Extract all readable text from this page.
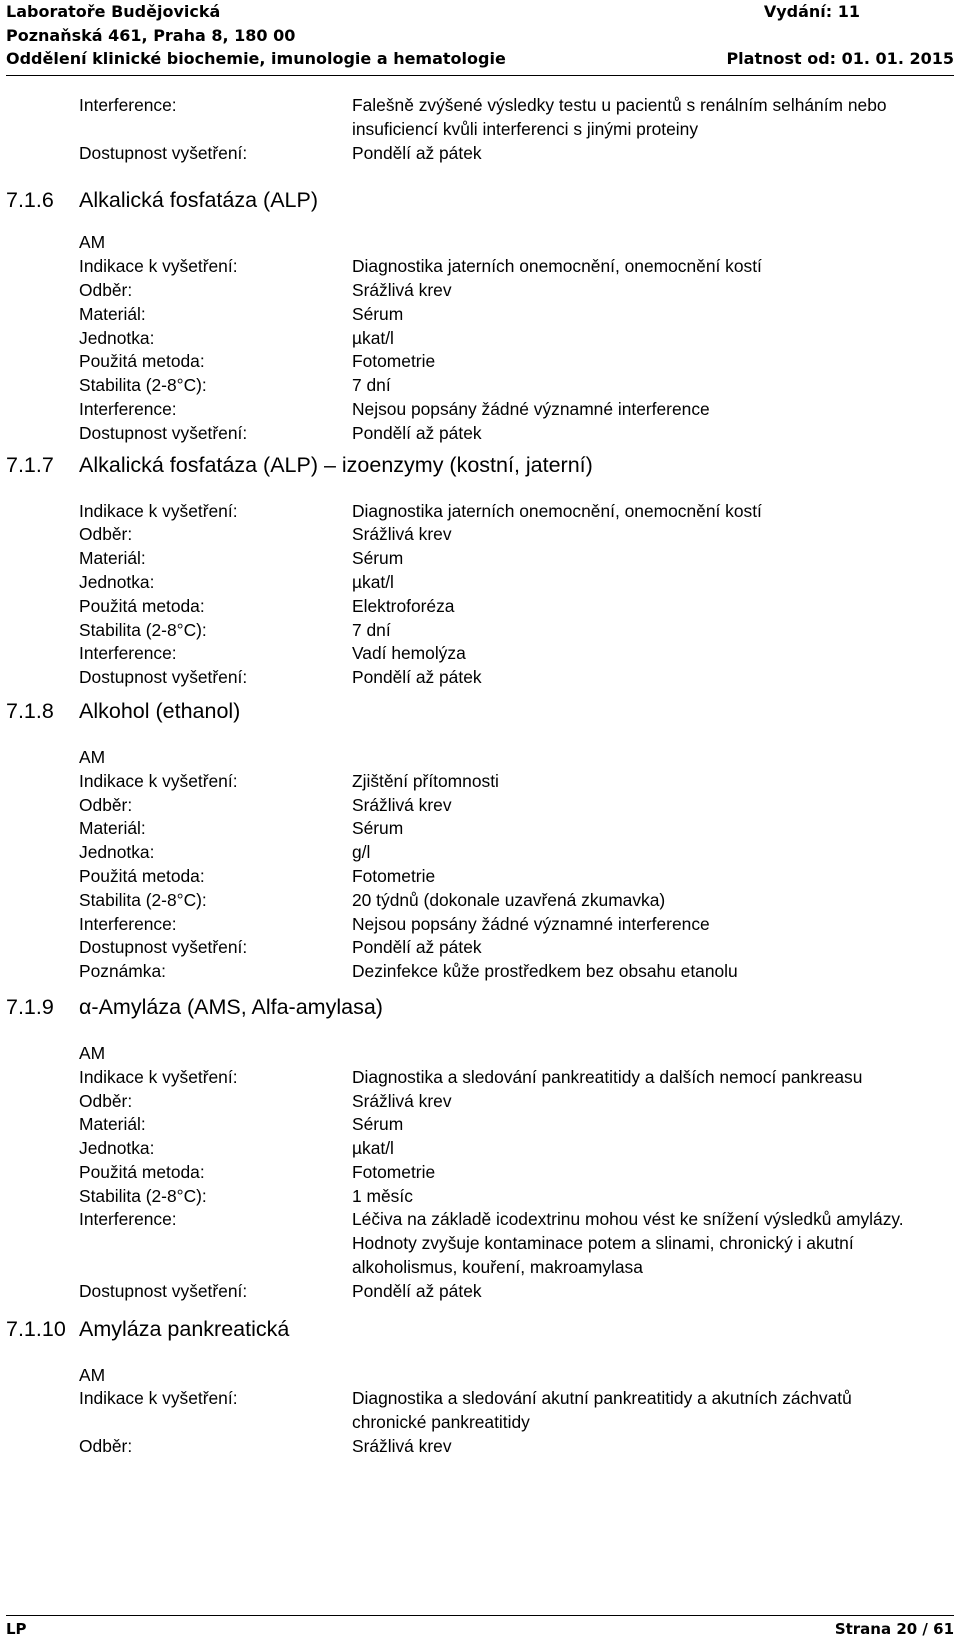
Laboratoře Budějovická	Vydání: 11
Poznaňská 461, Praha 8, 180 00
Oddělení klinické biochemie, imunologie a hematologie	Platnost od: 01. 01. 2015
Interference:	Falešně zvýšené výsledky testu u pacientů s renálním selháním nebo insuficiencí kvůli interferenci s jinými proteiny
Dostupnost vyšetření:	Pondělí až pátek
7.1.6	Alkalická fosfatáza (ALP)
AM
Indikace k vyšetření:	Diagnostika jaterních onemocnění, onemocnění kostí
Odběr:	Srážlivá krev
Materiál:	Sérum
Jednotka:	µkat/l
Použitá metoda:	Fotometrie
Stabilita (2-8°C):	7 dní
Interference:	Nejsou popsány žádné významné interference
Dostupnost vyšetření:	Pondělí až pátek
7.1.7	Alkalická fosfatáza (ALP) – izoenzymy (kostní, jaterní)
Indikace k vyšetření:	Diagnostika jaterních onemocnění, onemocnění kostí
Odběr:	Srážlivá krev
Materiál:	Sérum
Jednotka:	µkat/l
Použitá metoda:	Elektroforéza
Stabilita (2-8°C):	7 dní
Interference:	Vadí hemolýza
Dostupnost vyšetření:	Pondělí až pátek
7.1.8	Alkohol (ethanol)
AM
Indikace k vyšetření:	Zjištění přítomnosti
Odběr:	Srážlivá krev
Materiál:	Sérum
Jednotka:	g/l
Použitá metoda:	Fotometrie
Stabilita (2-8°C):	20 týdnů (dokonale uzavřená zkumavka)
Interference:	Nejsou popsány žádné významné interference
Dostupnost vyšetření:	Pondělí až pátek
Poznámka:	Dezinfekce kůže prostředkem bez obsahu etanolu
7.1.9	α-Amyláza (AMS, Alfa-amylasa)
AM
Indikace k vyšetření:	Diagnostika a sledování pankreatitidy a dalších nemocí pankreasu
Odběr:	Srážlivá krev
Materiál:	Sérum
Jednotka:	µkat/l
Použitá metoda:	Fotometrie
Stabilita (2-8°C):	1 měsíc
Interference:	Léčiva na základě icodextrinu mohou vést ke snížení výsledků amylázy. Hodnoty zvyšuje kontaminace potem a slinami, chronický i akutní alkoholismus, kouření, makroamylasa
Dostupnost vyšetření:	Pondělí až pátek
7.1.10 Amyláza pankreatická
AM
Indikace k vyšetření:	Diagnostika a sledování akutní pankreatitidy a akutních záchvatů chronické pankreatitidy
Odběr:	Srážlivá krev
LP	Strana 20 / 61
